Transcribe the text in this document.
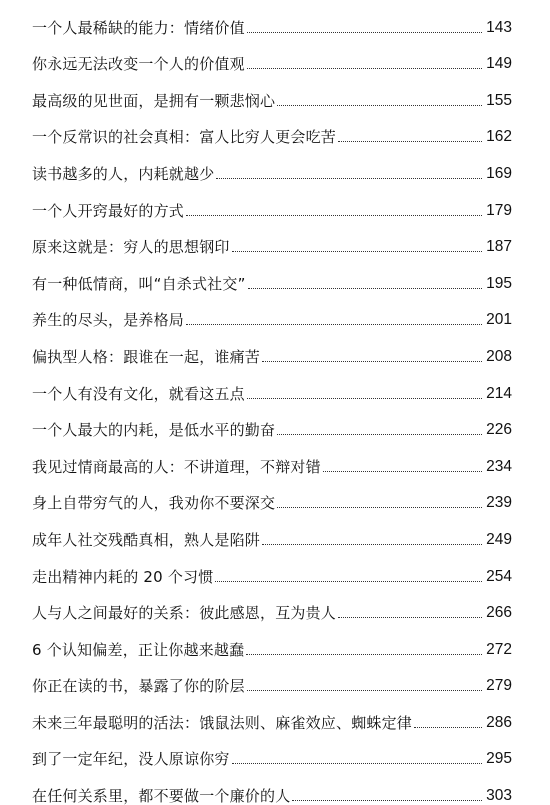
一个人最稀缺的能力：情绪价值	143
你永远无法改变一个人的价值观	149
最高级的见世面，是拥有一颗悲悯心	155
一个反常识的社会真相：富人比穷人更会吃苦	162
读书越多的人，内耗就越少	169
一个人开窍最好的方式	179
原来这就是：穷人的思想钢印	187
有一种低情商，叫“自杀式社交”	195
养生的尽头，是养格局	201
偏执型人格：跟谁在一起，谁痛苦	208
一个人有没有文化，就看这五点	214
一个人最大的内耗，是低水平的勤奋	226
我见过情商最高的人：不讲道理，不辩对错	234
身上自带穷气的人，我劝你不要深交	239
成年人社交残酷真相，熟人是陷阱	249
走出精神内耗的 20 个习惯	254
人与人之间最好的关系：彼此感恩，互为贵人	266
6 个认知偏差，正让你越来越蠢	272
你正在读的书，暴露了你的阶层	279
未来三年最聪明的活法：饿鼠法则、麻雀效应、蜘蛛定律	286
到了一定年纪，没人原谅你穷	295
在任何关系里，都不要做一个廉价的人	303
